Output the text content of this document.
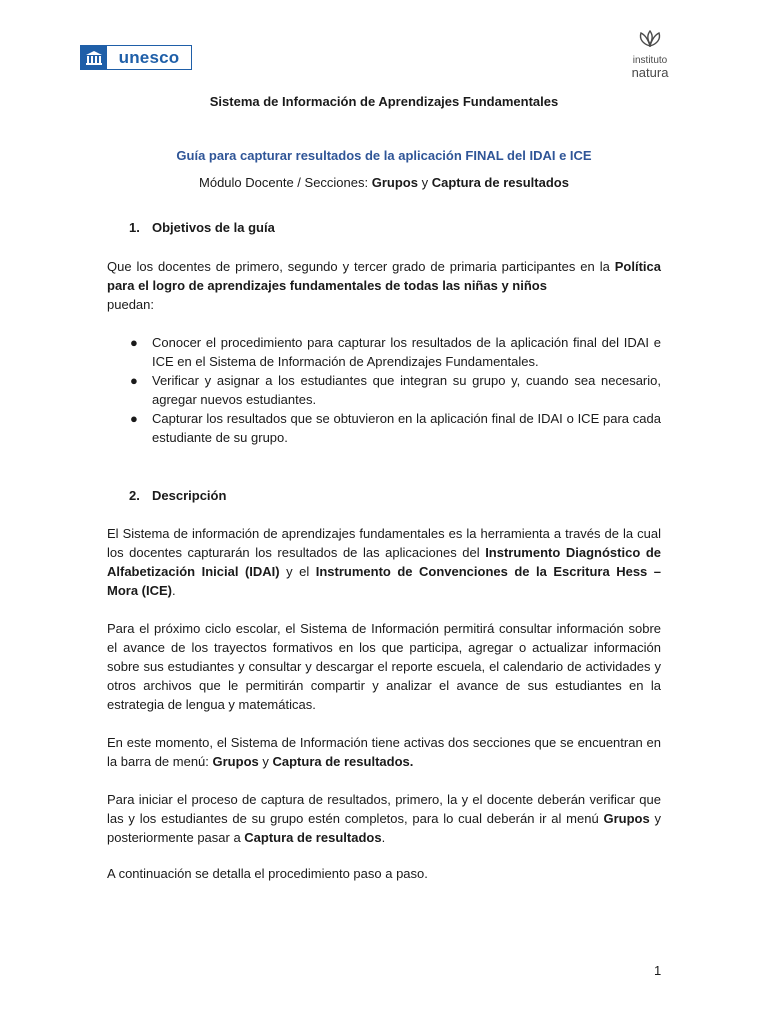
unesco	instituto
natura
Sistema de Información de Aprendizajes Fundamentales
Guía para capturar resultados de la aplicación FINAL del IDAI e ICE
Módulo Docente / Secciones: Grupos y Captura de resultados
1. Objetivos de la guía
Que los docentes de primero, segundo y tercer grado de primaria participantes en la Política para el logro de aprendizajes fundamentales de todas las niñas y niños
puedan:
● Conocer el procedimiento para capturar los resultados de la aplicación final del IDAI e ICE en el Sistema de Información de Aprendizajes Fundamentales.
● Verificar y asignar a los estudiantes que integran su grupo y, cuando sea necesario, agregar nuevos estudiantes.
● Capturar los resultados que se obtuvieron en la aplicación final de IDAI o ICE para cada estudiante de su grupo.
2. Descripción
El Sistema de información de aprendizajes fundamentales es la herramienta a través de la cual los docentes capturarán los resultados de las aplicaciones del Instrumento Diagnóstico de Alfabetización Inicial (IDAI) y el Instrumento de Convenciones de la Escritura Hess – Mora (ICE).
Para el próximo ciclo escolar, el Sistema de Información permitirá consultar información sobre el avance de los trayectos formativos en los que participa, agregar o actualizar información sobre sus estudiantes y consultar y descargar el reporte escuela, el calendario de actividades y otros archivos que le permitirán compartir y analizar el avance de sus estudiantes en la estrategia de lengua y matemáticas.
En este momento, el Sistema de Información tiene activas dos secciones que se encuentran en la barra de menú: Grupos y Captura de resultados.
Para iniciar el proceso de captura de resultados, primero, la y el docente deberán verificar que las y los estudiantes de su grupo estén completos, para lo cual deberán ir al menú Grupos y posteriormente pasar a Captura de resultados.
A continuación se detalla el procedimiento paso a paso.
1
